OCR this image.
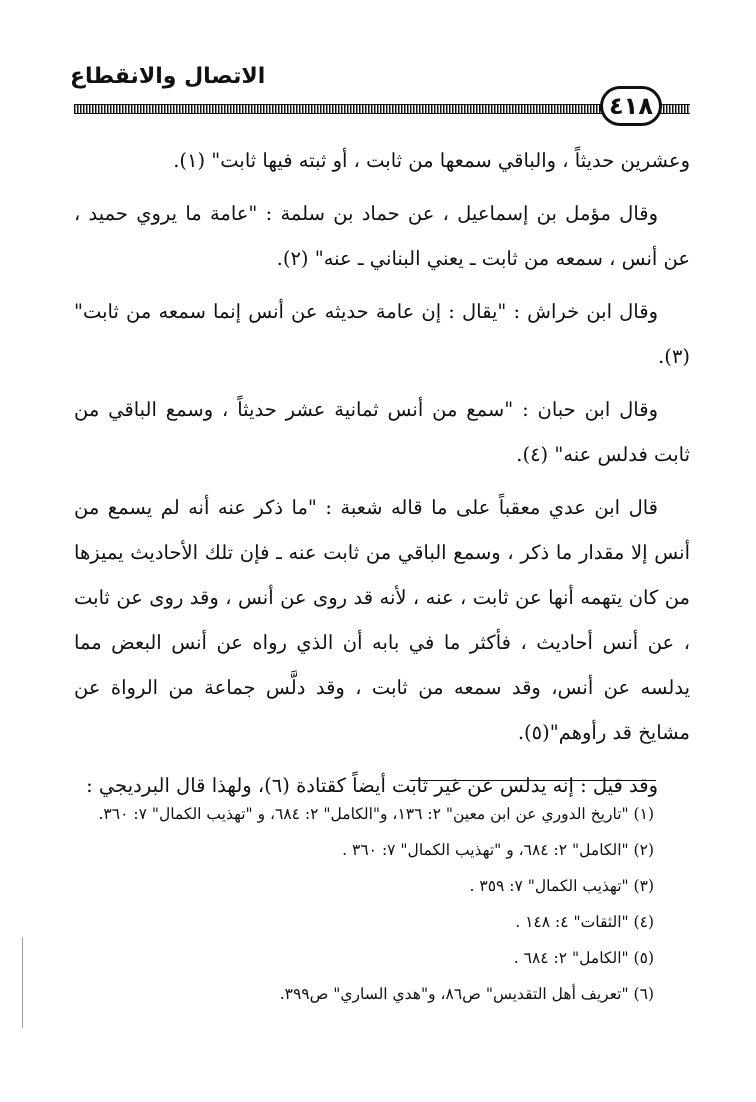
الاتصال والانقطاع
٤١٨

وعشرين حديثاً ، والباقي سمعها من ثابت ، أو ثبته فيها ثابت" (١).

وقال مؤمل بن إسماعيل ، عن حماد بن سلمة : "عامة ما يروي حميد ، عن أنس ، سمعه من ثابت ـ يعني البناني ـ عنه" (٢).

وقال ابن خراش : "يقال : إن عامة حديثه عن أنس إنما سمعه من ثابت"(٣).

وقال ابن حبان : "سمع من أنس ثمانية عشر حديثاً ، وسمع الباقي من ثابت فدلس عنه" (٤).

قال ابن عدي معقباً على ما قاله شعبة : "ما ذكر عنه أنه لم يسمع من أنس إلا مقدار ما ذكر ، وسمع الباقي من ثابت عنه ـ فإن تلك الأحاديث يميزها من كان يتهمه أنها عن ثابت ، عنه ، لأنه قد روى عن أنس ، وقد روى عن ثابت ، عن أنس أحاديث ، فأكثر ما في بابه أن الذي رواه عن أنس البعض مما يدلسه عن أنس، وقد سمعه من ثابت ، وقد دلَّس جماعة من الرواة عن مشايخ قد رأوهم"(٥).

وقد قيل : إنه يدلس عن غير ثابت أيضاً كقتادة (٦)، ولهذا قال البرديجي :

(١) "تاريخ الدوري عن ابن معين" ٢: ١٣٦، و"الكامل" ٢: ٦٨٤، و "تهذيب الكمال" ٧: ٣٦٠.
(٢) "الكامل" ٢: ٦٨٤، و "تهذيب الكمال" ٧: ٣٦٠ .
(٣) "تهذيب الكمال" ٧: ٣٥٩ .
(٤) "الثقات" ٤: ١٤٨ .
(٥) "الكامل" ٢: ٦٨٤ .
(٦) "تعريف أهل التقديس" ص٨٦، و"هدي الساري" ص٣٩٩.
